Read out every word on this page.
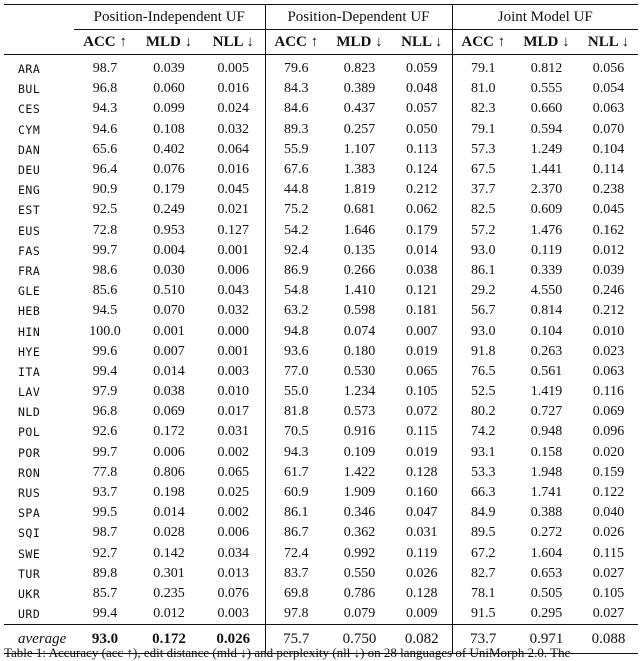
	Position-Independent UF			Position-Dependent UF			Joint Model UF		
	ACC ↑	MLD ↓	NLL ↓	ACC ↑	MLD ↓	NLL ↓	ACC ↑	MLD ↓	NLL ↓
ARA	98.7	0.039	0.005	79.6	0.823	0.059	79.1	0.812	0.056
BUL	96.8	0.060	0.016	84.3	0.389	0.048	81.0	0.555	0.054
CES	94.3	0.099	0.024	84.6	0.437	0.057	82.3	0.660	0.063
CYM	94.6	0.108	0.032	89.3	0.257	0.050	79.1	0.594	0.070
DAN	65.6	0.402	0.064	55.9	1.107	0.113	57.3	1.249	0.104
DEU	96.4	0.076	0.016	67.6	1.383	0.124	67.5	1.441	0.114
ENG	90.9	0.179	0.045	44.8	1.819	0.212	37.7	2.370	0.238
EST	92.5	0.249	0.021	75.2	0.681	0.062	82.5	0.609	0.045
EUS	72.8	0.953	0.127	54.2	1.646	0.179	57.2	1.476	0.162
FAS	99.7	0.004	0.001	92.4	0.135	0.014	93.0	0.119	0.012
FRA	98.6	0.030	0.006	86.9	0.266	0.038	86.1	0.339	0.039
GLE	85.6	0.510	0.043	54.8	1.410	0.121	29.2	4.550	0.246
HEB	94.5	0.070	0.032	63.2	0.598	0.181	56.7	0.814	0.212
HIN	100.0	0.001	0.000	94.8	0.074	0.007	93.0	0.104	0.010
HYE	99.6	0.007	0.001	93.6	0.180	0.019	91.8	0.263	0.023
ITA	99.4	0.014	0.003	77.0	0.530	0.065	76.5	0.561	0.063
LAV	97.9	0.038	0.010	55.0	1.234	0.105	52.5	1.419	0.116
NLD	96.8	0.069	0.017	81.8	0.573	0.072	80.2	0.727	0.069
POL	92.6	0.172	0.031	70.5	0.916	0.115	74.2	0.948	0.096
POR	99.7	0.006	0.002	94.3	0.109	0.019	93.1	0.158	0.020
RON	77.8	0.806	0.065	61.7	1.422	0.128	53.3	1.948	0.159
RUS	93.7	0.198	0.025	60.9	1.909	0.160	66.3	1.741	0.122
SPA	99.5	0.014	0.002	86.1	0.346	0.047	84.9	0.388	0.040
SQI	98.7	0.028	0.006	86.7	0.362	0.031	89.5	0.272	0.026
SWE	92.7	0.142	0.034	72.4	0.992	0.119	67.2	1.604	0.115
TUR	89.8	0.301	0.013	83.7	0.550	0.026	82.7	0.653	0.027
UKR	85.7	0.235	0.076	69.8	0.786	0.128	78.1	0.505	0.105
URD	99.4	0.012	0.003	97.8	0.079	0.009	91.5	0.295	0.027
average	93.0	0.172	0.026	75.7	0.750	0.082	73.7	0.971	0.088
Table 1: Accuracy (acc ↑), edit distance (mld ↓) and perplexity (nll ↓) on 28 languages of UniMorph 2.0. The
